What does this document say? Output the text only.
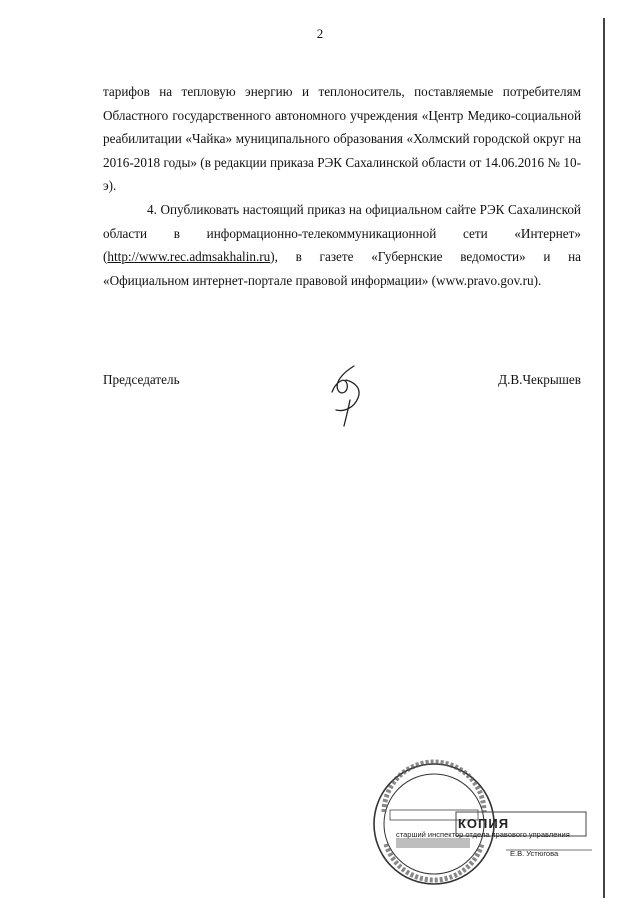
2

тарифов на тепловую энергию и теплоноситель, поставляемые потребителям Областного государственного автономного учреждения «Центр Медико-социальной реабилитации «Чайка» муниципального образования «Холмский городской округ на 2016-2018 годы» (в редакции приказа РЭК Сахалинской области от 14.06.2016 № 10-э).

4. Опубликовать настоящий приказ на официальном сайте РЭК Сахалинской области в информационно-телекоммуникационной сети «Интернет» (http://www.rec.admsakhalin.ru), в газете «Губернские ведомости» и на «Официальном интернет-портале правовой информации» (www.pravo.gov.ru).

Председатель	Д.В.Чекрышев
КОПИЯ
старший инспектор отдела правового управления
Е.В. Устюгова
